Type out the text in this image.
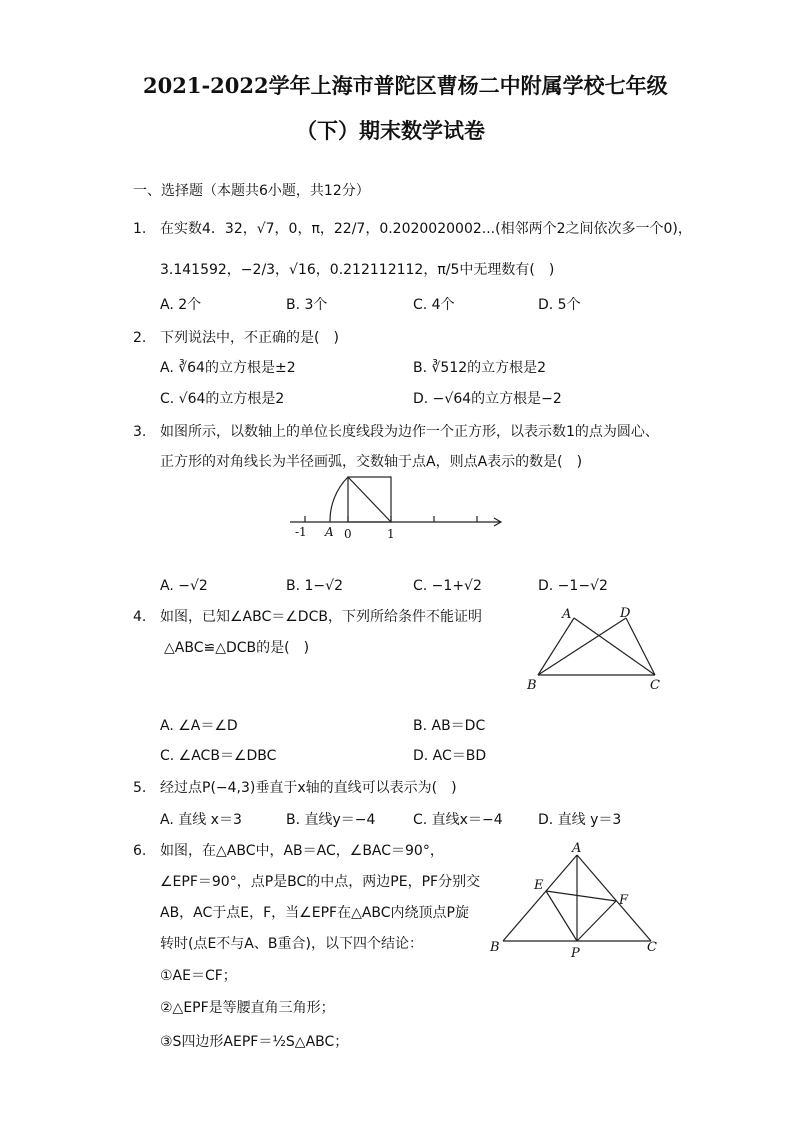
2021-2022学年上海市普陀区曹杨二中附属学校七年级
（下）期末数学试卷
一、选择题（本题共6小题，共12分）
1. 在实数4．32，√7，0，π，22/7，0.2020020002...(相邻两个2之间依次多一个0)，
3.141592，−2/3，√16，0.212112112，π/5中无理数有(　)
A. 2个	B. 3个	C. 4个	D. 5个
2. 下列说法中，不正确的是(　)
A. ∛64的立方根是±2	B. ∛512的立方根是2
C. √64的立方根是2	D. −√64的立方根是−2
3. 如图所示，以数轴上的单位长度线段为边作一个正方形，以表示数1的点为圆心、
正方形的对角线长为半径画弧，交数轴于点A，则点A表示的数是(　)
-1 A 0	1
A. −√2	B. 1−√2	C. −1+√2	D. −1−√2
4. 如图，已知∠ABC＝∠DCB，下列所给条件不能证明
△ABC≌△DCB的是(　)
A	D
B	C
A. ∠A＝∠D	B. AB＝DC
C. ∠ACB＝∠DBC	D. AC＝BD
5. 经过点P(−4,3)垂直于x轴的直线可以表示为(　)
A. 直线 x＝3	B. 直线y＝−4	C. 直线x＝−4	D. 直线 y＝3
6. 如图，在△ABC中，AB＝AC，∠BAC＝90°，
∠EPF＝90°，点P是BC的中点，两边PE，PF分别交
AB，AC于点E，F，当∠EPF在△ABC内绕顶点P旋
转时(点E不与A、B重合)，以下四个结论：
①AE＝CF；
②△EPF是等腰直角三角形；
③S四边形AEPF＝½S△ABC；
A
E
F
B	P	C
